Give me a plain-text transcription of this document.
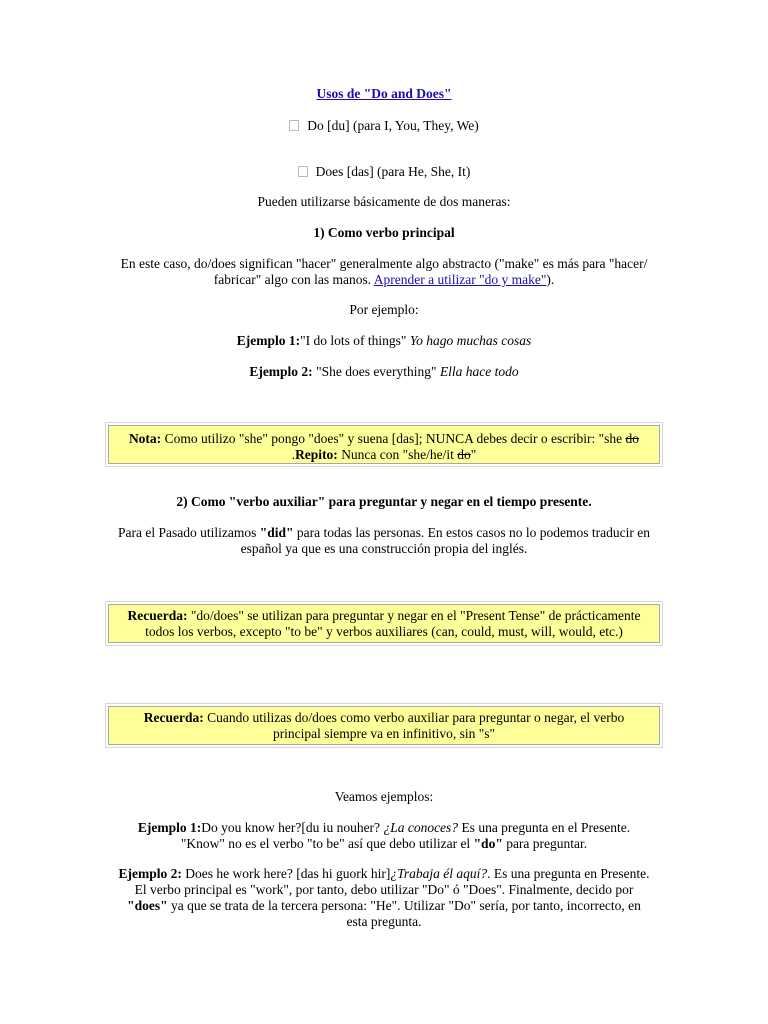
Usos de "Do and Does"
Do [du] (para I, You, They, We)
Does [das] (para He, She, It)
Pueden utilizarse básicamente de dos maneras:
1) Como verbo principal
En este caso, do/does significan "hacer" generalmente algo abstracto ("make" es más para "hacer/ fabricar" algo con las manos. Aprender a utilizar "do y make").
Por ejemplo:
Ejemplo 1:"I do lots of things" Yo hago muchas cosas
Ejemplo 2: "She does everything" Ella hace todo
Nota: Como utilizo "she" pongo "does" y suena [das]; NUNCA debes decir o escribir: "she do .Repito: Nunca con "she/he/it do"
2) Como "verbo auxiliar" para preguntar y negar en el tiempo presente.
Para el Pasado utilizamos "did" para todas las personas. En estos casos no lo podemos traducir en español ya que es una construcción propia del inglés.
Recuerda: "do/does" se utilizan para preguntar y negar en el "Present Tense" de prácticamente todos los verbos, excepto "to be" y verbos auxiliares (can, could, must, will, would, etc.)
Recuerda: Cuando utilizas do/does como verbo auxiliar para preguntar o negar, el verbo principal siempre va en infinitivo, sin "s"
Veamos ejemplos:
Ejemplo 1:Do you know her?[du iu nouher? ¿La conoces? Es una pregunta en el Presente. "Know" no es el verbo "to be" así que debo utilizar el "do" para preguntar.
Ejemplo 2: Does he work here? [das hi guork hir]¿Trabaja él aquí?. Es una pregunta en Presente. El verbo principal es "work", por tanto, debo utilizar "Do" ó "Does". Finalmente, decido por "does" ya que se trata de la tercera persona: "He". Utilizar "Do" sería, por tanto, incorrecto, en esta pregunta.
